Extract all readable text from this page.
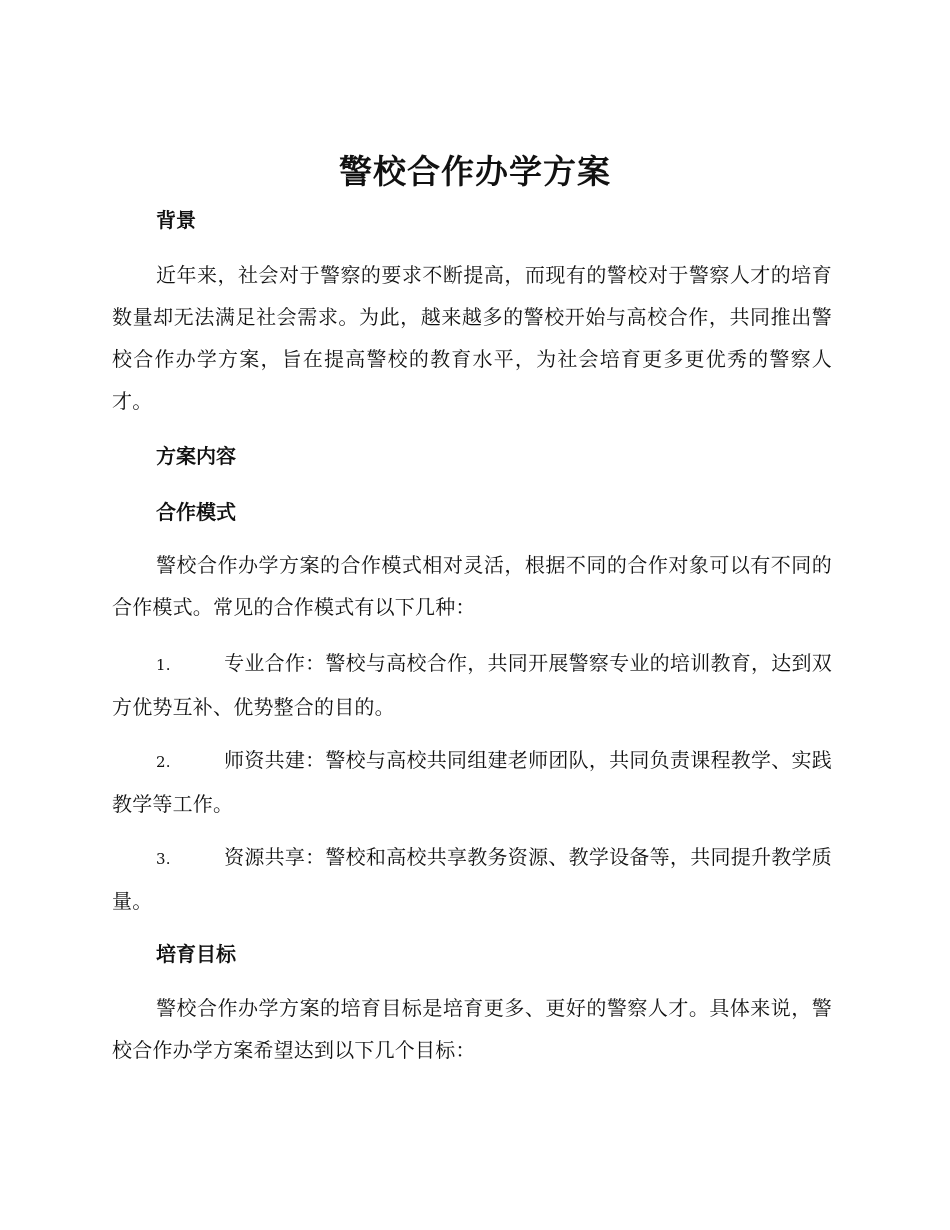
警校合作办学方案
背景

近年来，社会对于警察的要求不断提高，而现有的警校对于警察人才的培育数量却无法满足社会需求。为此，越来越多的警校开始与高校合作，共同推出警校合作办学方案，旨在提高警校的教育水平，为社会培育更多更优秀的警察人才。

方案内容
合作模式

警校合作办学方案的合作模式相对灵活，根据不同的合作对象可以有不同的合作模式。常见的合作模式有以下几种：

1.	专业合作：警校与高校合作，共同开展警察专业的培训教育，达到双方优势互补、优势整合的目的。

2.	师资共建：警校与高校共同组建老师团队，共同负责课程教学、实践教学等工作。

3.	资源共享：警校和高校共享教务资源、教学设备等，共同提升教学质量。

培育目标

警校合作办学方案的培育目标是培育更多、更好的警察人才。具体来说，警校合作办学方案希望达到以下几个目标：
